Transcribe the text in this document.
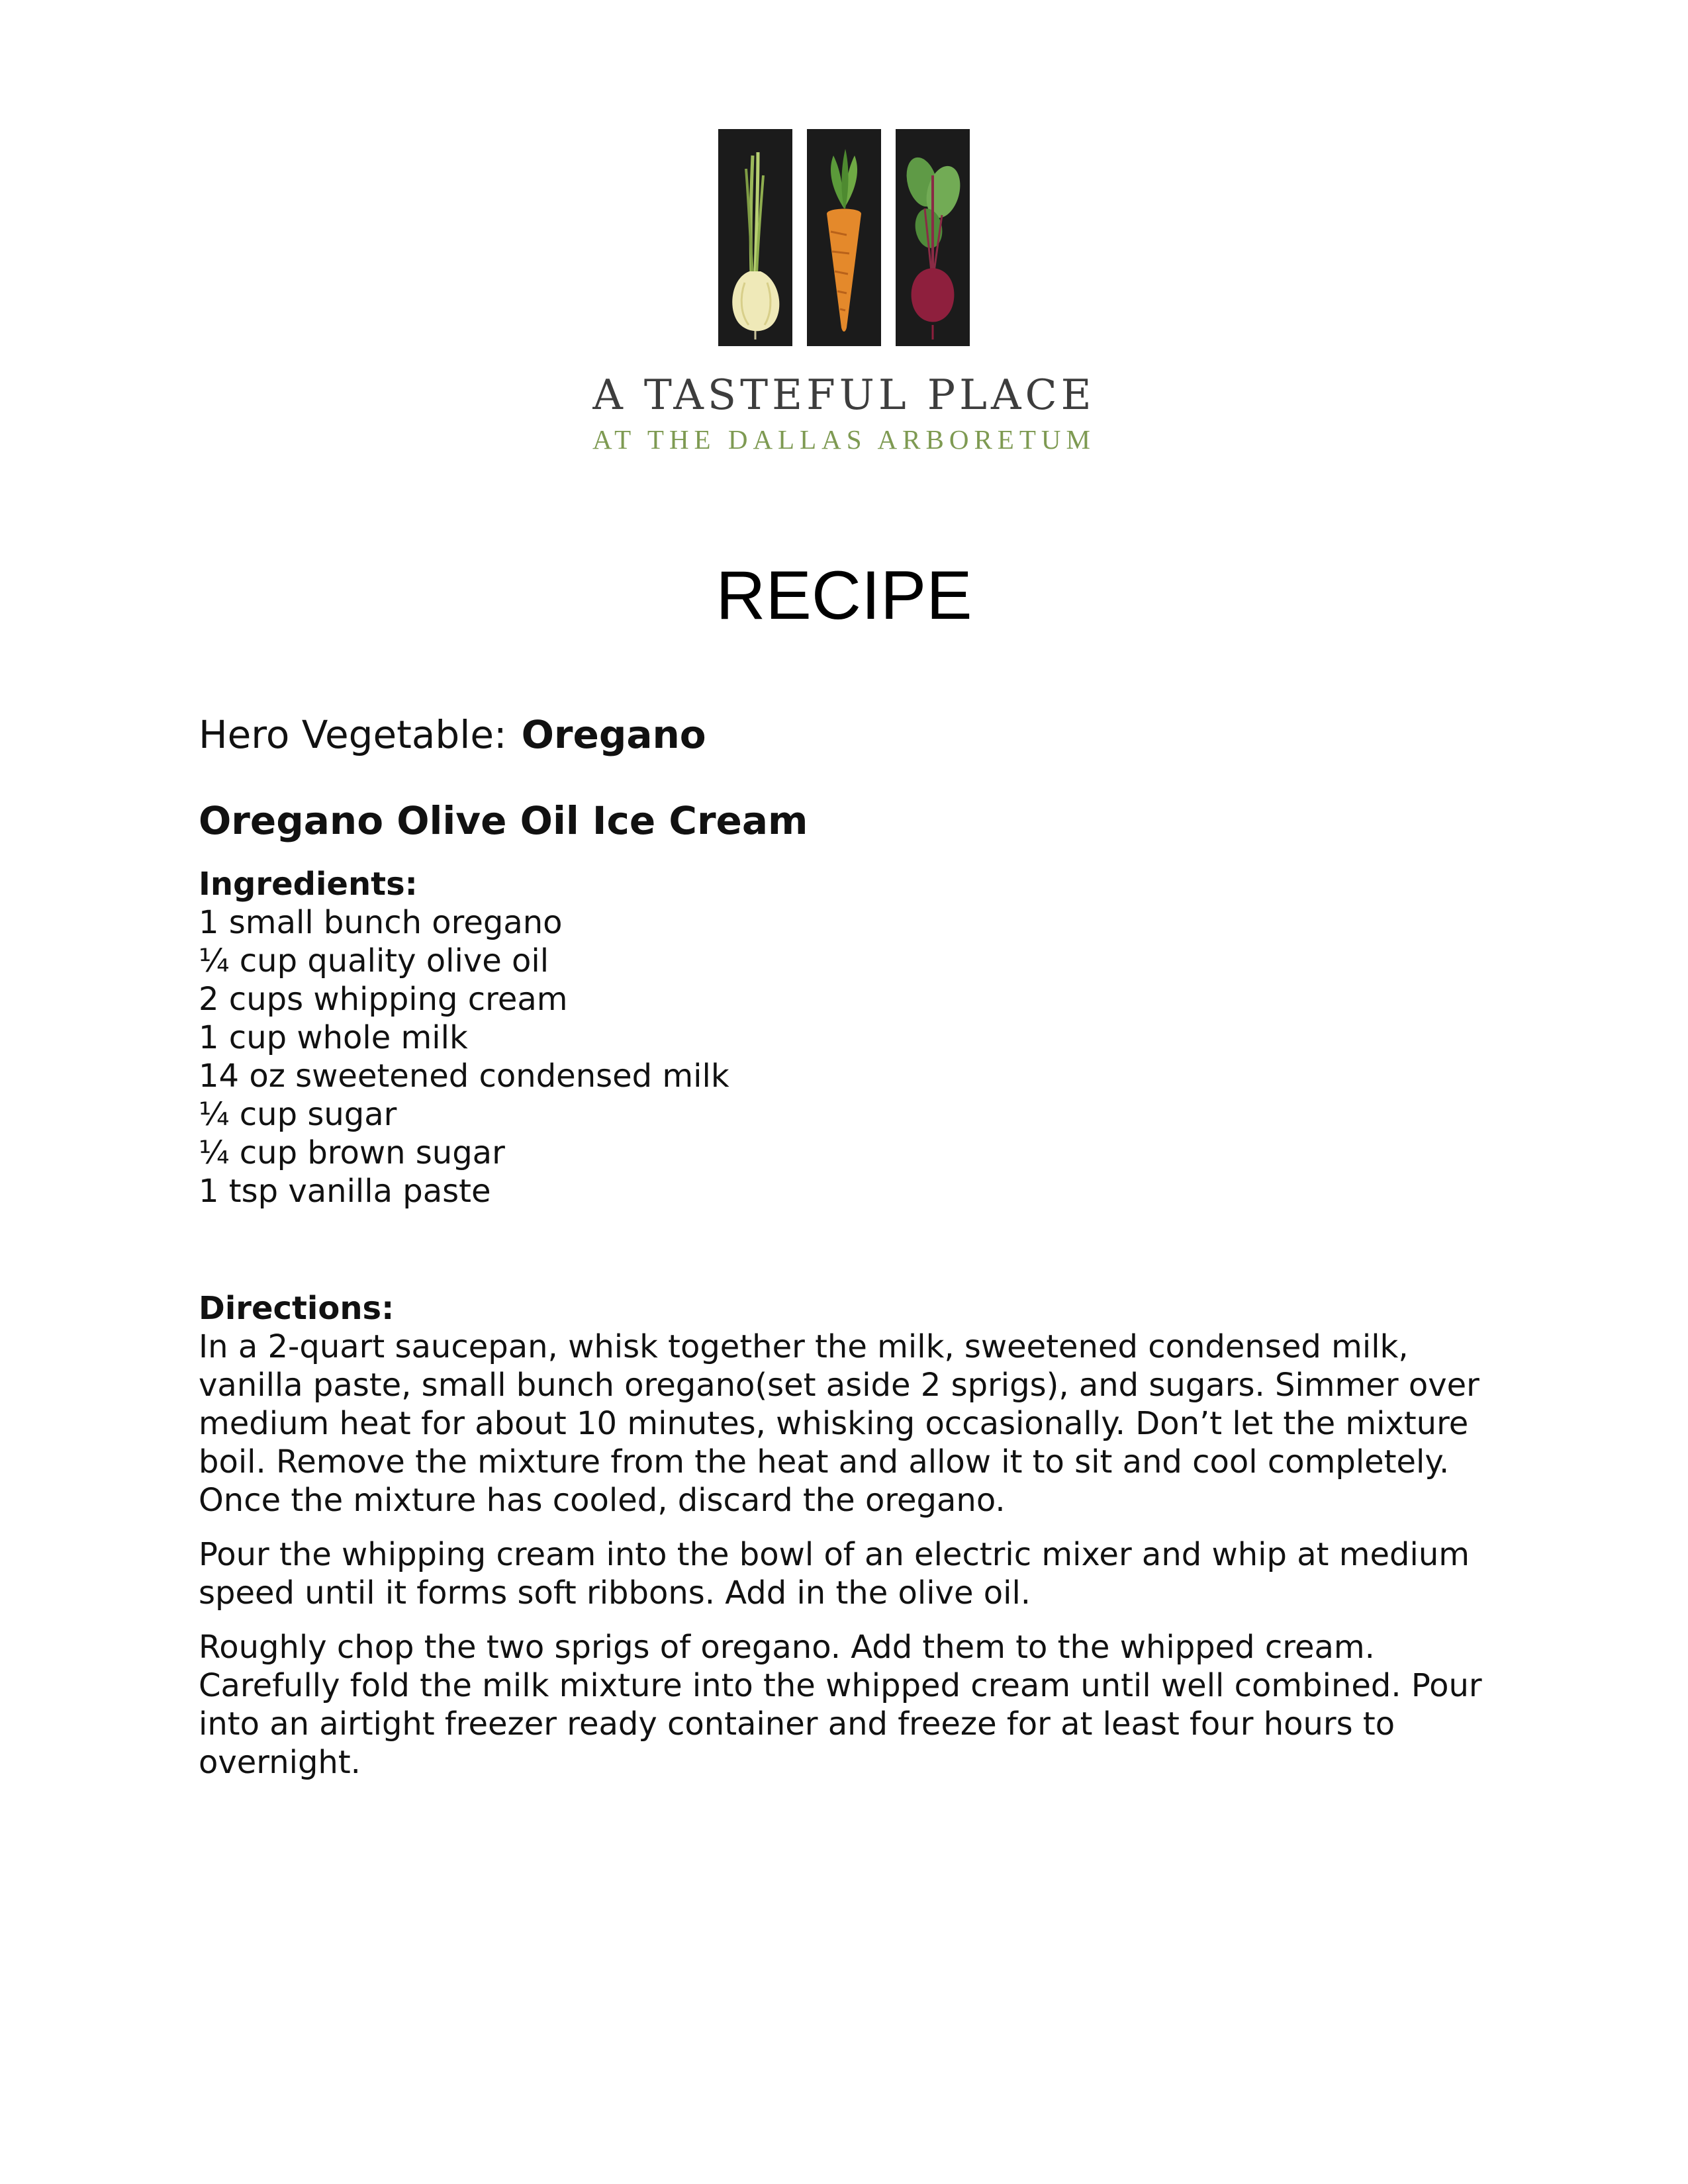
A TASTEFUL PLACE
AT THE DALLAS ARBORETUM
RECIPE

Hero Vegetable: Oregano

Oregano Olive Oil Ice Cream

Ingredients:

1 small bunch oregano
¼ cup quality olive oil
2 cups whipping cream
1 cup whole milk
14 oz sweetened condensed milk
¼ cup sugar
¼ cup brown sugar
1 tsp vanilla paste

Directions:

In a 2-quart saucepan, whisk together the milk, sweetened condensed milk, vanilla paste, small bunch oregano(set aside 2 sprigs), and sugars. Simmer over medium heat for about 10 minutes, whisking occasionally. Don’t let the mixture boil. Remove the mixture from the heat and allow it to sit and cool completely. Once the mixture has cooled, discard the oregano.

Pour the whipping cream into the bowl of an electric mixer and whip at medium speed until it forms soft ribbons. Add in the olive oil.

Roughly chop the two sprigs of oregano. Add them to the whipped cream. Carefully fold the milk mixture into the whipped cream until well combined. Pour into an airtight freezer ready container and freeze for at least four hours to overnight.
